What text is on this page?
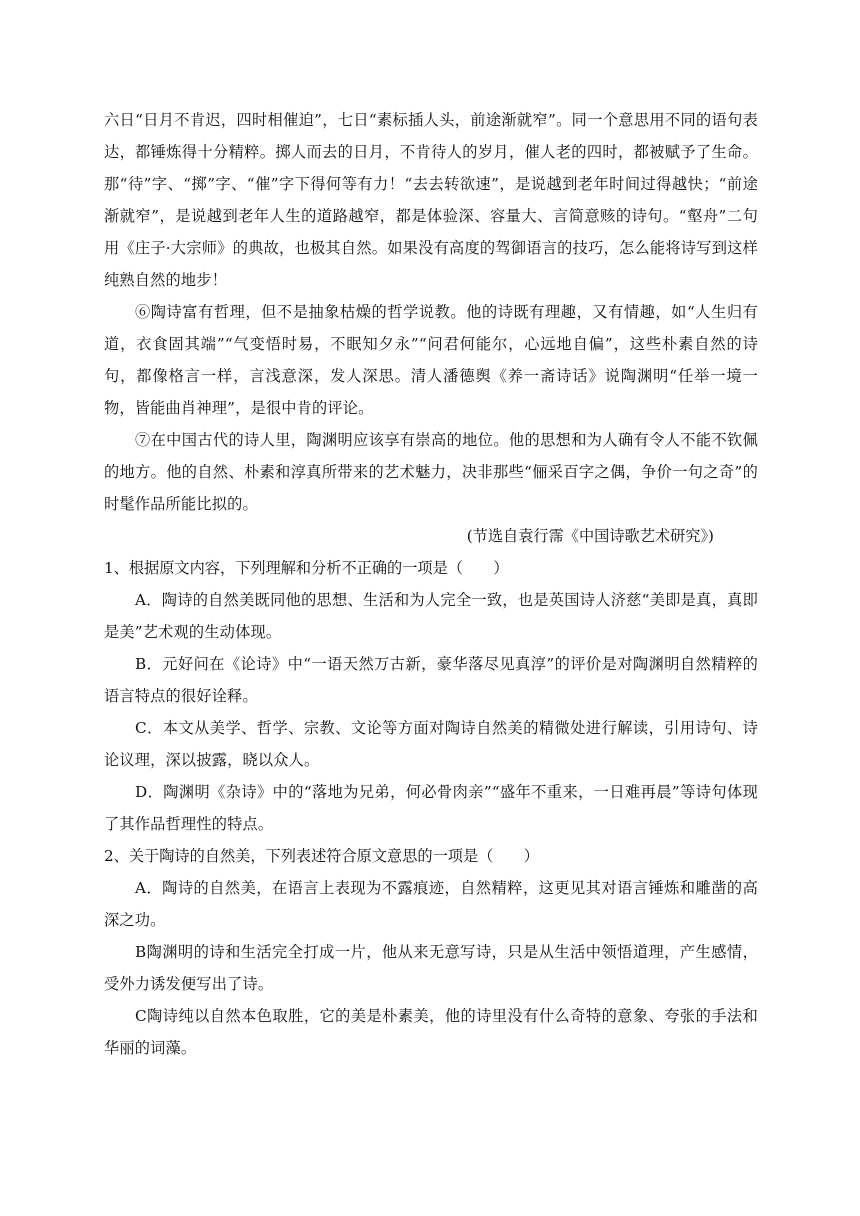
六日“日月不肯迟，四时相催迫”，七日“素标插人头，前途渐就窄”。同一个意思用不同的语句表达，都锤炼得十分精粹。掷人而去的日月，不肯待人的岁月，催人老的四时，都被赋予了生命。那“待”字、“掷”字、“催”字下得何等有力！“去去转欲速”，是说越到老年时间过得越快；“前途渐就窄”，是说越到老年人生的道路越窄，都是体验深、容量大、言简意赅的诗句。“壑舟”二句用《庄子·大宗师》的典故，也极其自然。如果没有高度的驾御语言的技巧，怎么能将诗写到这样纯熟自然的地步！

⑥陶诗富有哲理，但不是抽象枯燥的哲学说教。他的诗既有理趣，又有情趣，如“人生归有道，衣食固其端”“气变悟时易，不眠知夕永”“问君何能尔，心远地自偏”，这些朴素自然的诗句，都像格言一样，言浅意深，发人深思。清人潘德舆《养一斋诗话》说陶渊明“任举一境一物，皆能曲肖神理”，是很中肯的评论。

⑦在中国古代的诗人里，陶渊明应该享有崇高的地位。他的思想和为人确有令人不能不钦佩的地方。他的自然、朴素和淳真所带来的艺术魅力，决非那些“俪采百字之偶，争价一句之奇”的时髦作品所能比拟的。

(节选自袁行霈《中国诗歌艺术研究》)

1、根据原文内容，下列理解和分析不正确的一项是（　　）

A．陶诗的自然美既同他的思想、生活和为人完全一致，也是英国诗人济慈“美即是真，真即是美”艺术观的生动体现。

B．元好问在《论诗》中“一语天然万古新，豪华落尽见真淳”的评价是对陶渊明自然精粹的语言特点的很好诠释。

C．本文从美学、哲学、宗教、文论等方面对陶诗自然美的精微处进行解读，引用诗句、诗论议理，深以披露，晓以众人。

D．陶渊明《杂诗》中的“落地为兄弟，何必骨肉亲”“盛年不重来，一日难再晨”等诗句体现了其作品哲理性的特点。

2、关于陶诗的自然美，下列表述符合原文意思的一项是（　　）

A．陶诗的自然美，在语言上表现为不露痕迹，自然精粹，这更见其对语言锤炼和雕凿的高深之功。

B陶渊明的诗和生活完全打成一片，他从来无意写诗，只是从生活中领悟道理，产生感情，受外力诱发便写出了诗。

C陶诗纯以自然本色取胜，它的美是朴素美，他的诗里没有什么奇特的意象、夸张的手法和华丽的词藻。
